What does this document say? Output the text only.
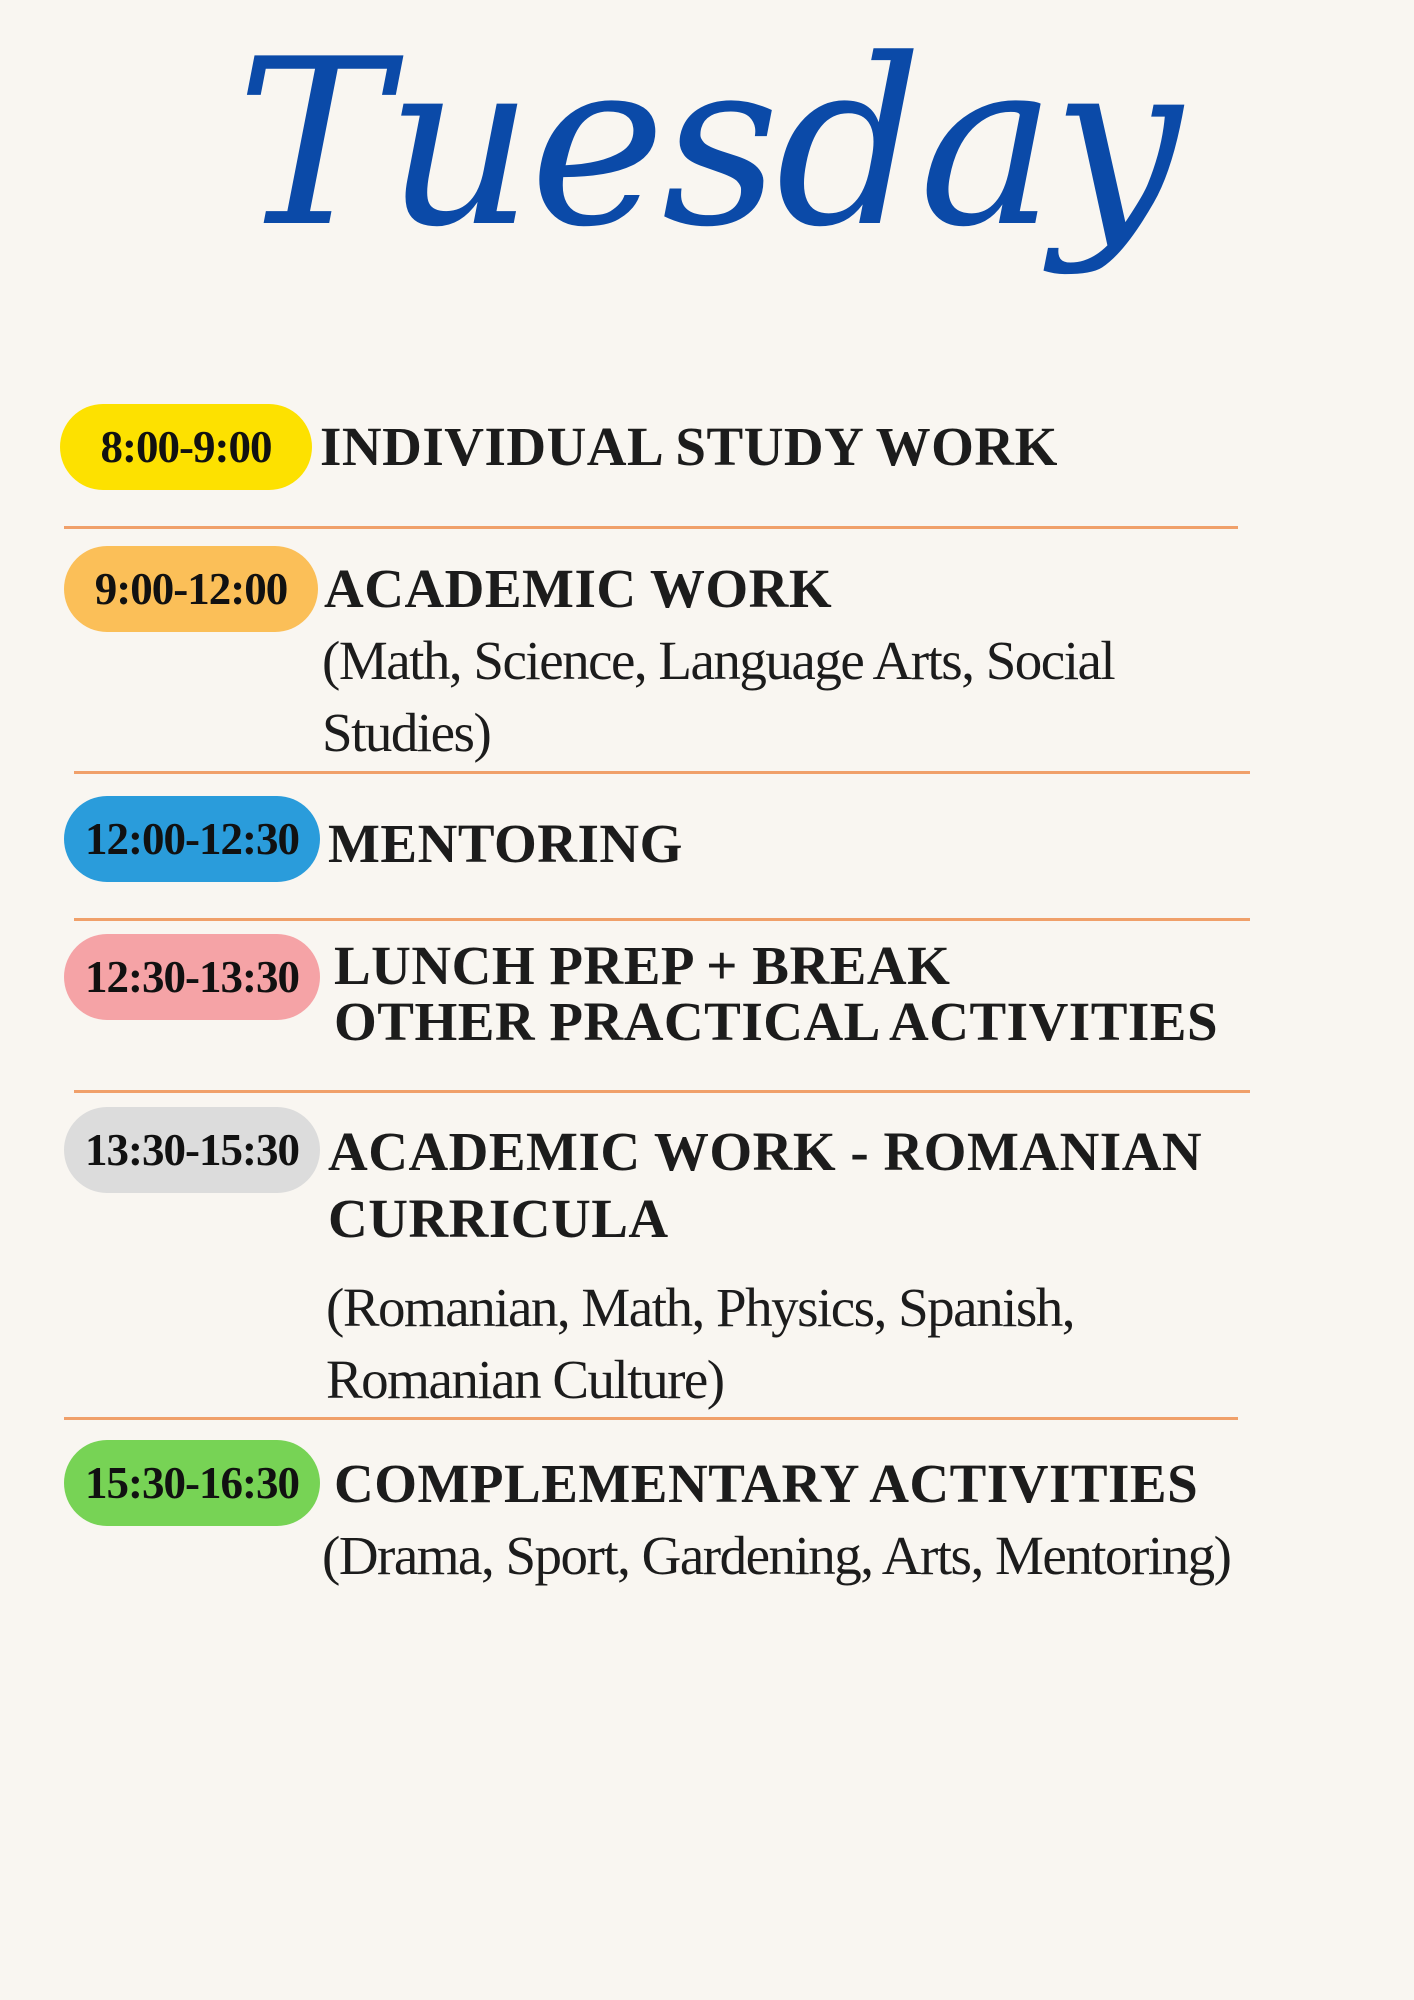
Tuesday
8:00-9:00 INDIVIDUAL STUDY WORK
9:00-12:00 ACADEMIC WORK
(Math, Science, Language Arts, Social Studies)
12:00-12:30 MENTORING
12:30-13:30 LUNCH PREP + BREAK
OTHER PRACTICAL ACTIVITIES
13:30-15:30 ACADEMIC WORK - ROMANIAN CURRICULA
(Romanian, Math, Physics, Spanish, Romanian Culture)
15:30-16:30 COMPLEMENTARY ACTIVITIES
(Drama, Sport, Gardening, Arts, Mentoring)
